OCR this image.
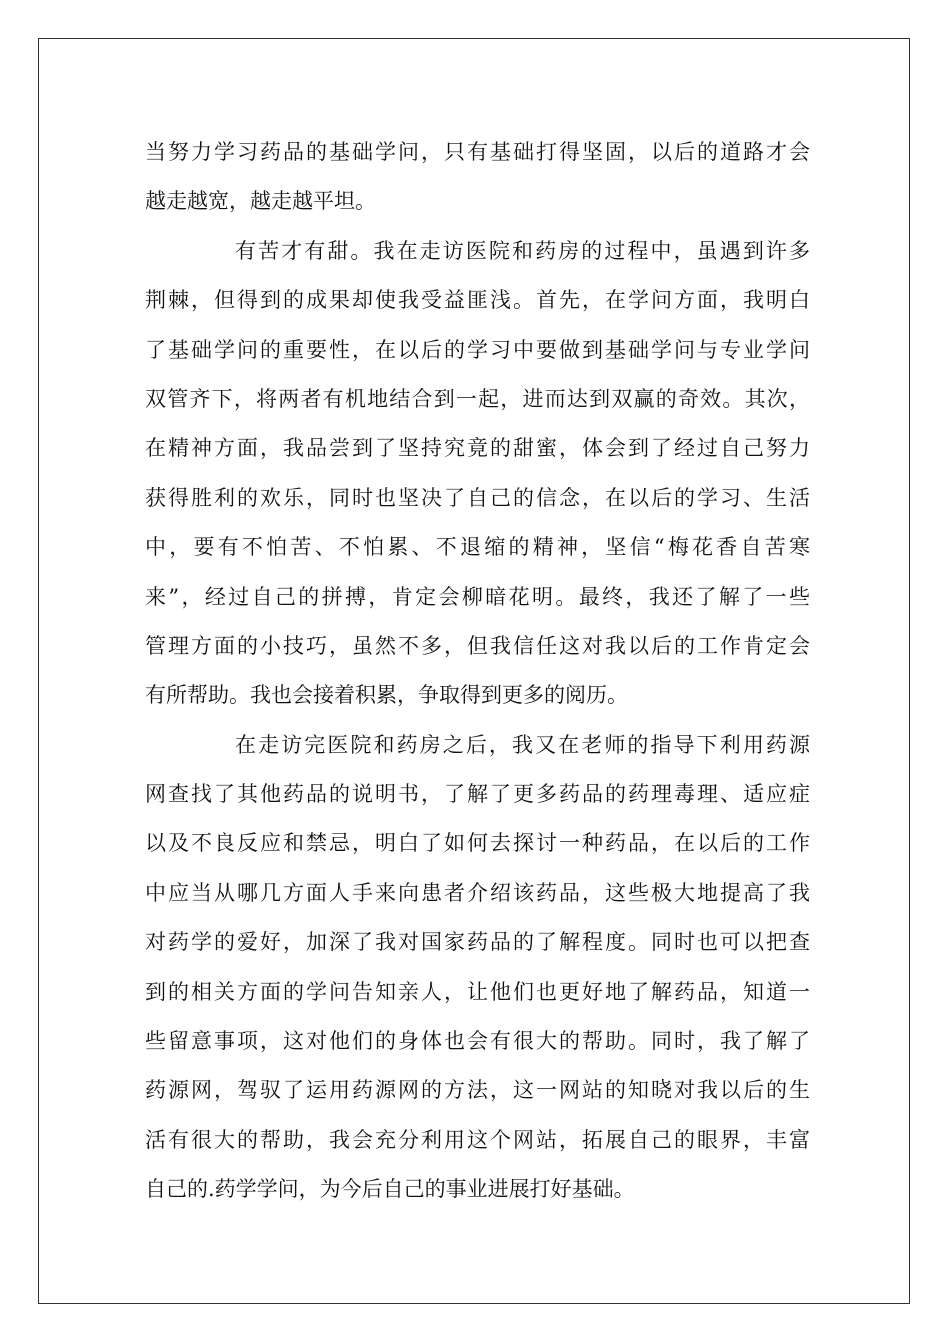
当努力学习药品的基础学问，只有基础打得坚固，以后的道路才会
越走越宽，越走越平坦。
有苦才有甜。我在走访医院和药房的过程中，虽遇到许多
荆棘，但得到的成果却使我受益匪浅。首先，在学问方面，我明白
了基础学问的重要性，在以后的学习中要做到基础学问与专业学问
双管齐下，将两者有机地结合到一起，进而达到双赢的奇效。其次，
在精神方面，我品尝到了坚持究竟的甜蜜，体会到了经过自己努力
获得胜利的欢乐，同时也坚决了自己的信念，在以后的学习、生活
中，要有不怕苦、不怕累、不退缩的精神，坚信“梅花香自苦寒
来”，经过自己的拼搏，肯定会柳暗花明。最终，我还了解了一些
管理方面的小技巧，虽然不多，但我信任这对我以后的工作肯定会
有所帮助。我也会接着积累，争取得到更多的阅历。
在走访完医院和药房之后，我又在老师的指导下利用药源
网查找了其他药品的说明书，了解了更多药品的药理毒理、适应症
以及不良反应和禁忌，明白了如何去探讨一种药品，在以后的工作
中应当从哪几方面人手来向患者介绍该药品，这些极大地提高了我
对药学的爱好，加深了我对国家药品的了解程度。同时也可以把查
到的相关方面的学问告知亲人，让他们也更好地了解药品，知道一
些留意事项，这对他们的身体也会有很大的帮助。同时，我了解了
药源网，驾驭了运用药源网的方法，这一网站的知晓对我以后的生
活有很大的帮助，我会充分利用这个网站，拓展自己的眼界，丰富
自己的.药学学问，为今后自己的事业进展打好基础。
